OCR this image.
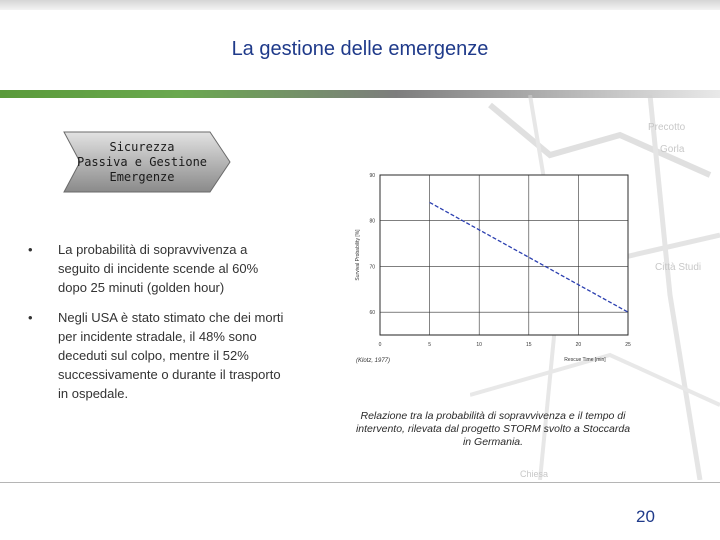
La gestione delle emergenze
Precotto
Gorla
Città Studi
Chiesa
Sicurezza
Passiva e Gestione
Emergenze
• La probabilità di sopravvivenza a
seguito di incidente scende al 60%
dopo 25 minuti (golden hour)
• Negli USA è stato stimato che dei morti
per incidente stradale, il 48% sono
deceduti sul colpo, mentre il 52%
successivamente o durante il trasporto
in ospedale.
Survival Probability [%]
Rescue Time [min]
0	5	10	15	20	25
60
70
80
90
(Klotz, 1977)
Relazione tra la probabilità di sopravvivenza e il tempo di
intervento, rilevata dal progetto STORM svolto a Stoccarda
in Germania.
20
